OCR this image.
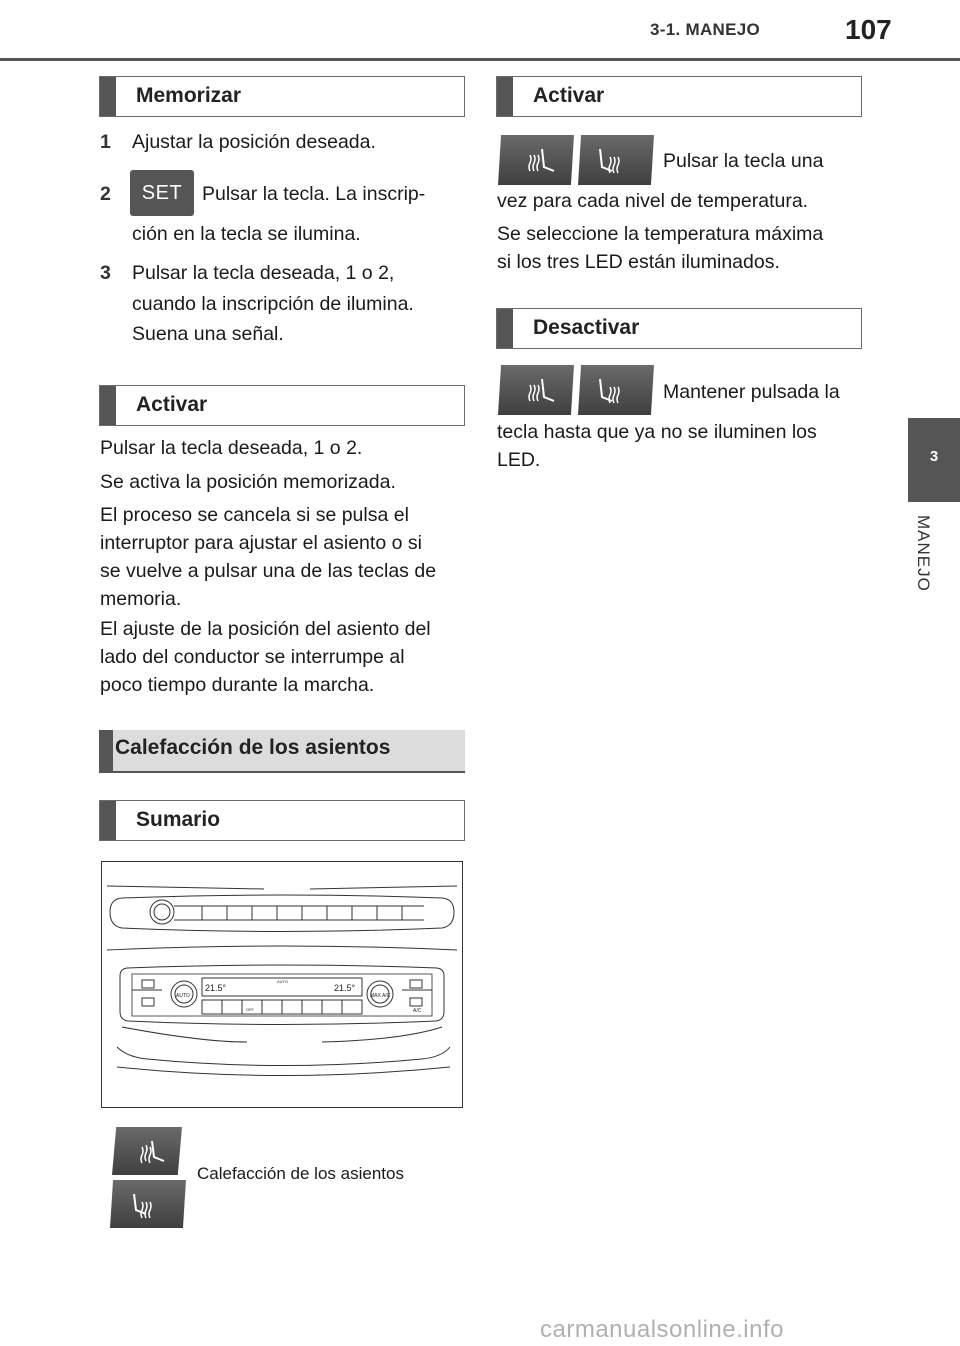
3-1. MANEJO	107
3
MANEJO
Memorizar
1 Ajustar la posición deseada.
2	SET	Pulsar la tecla. La inscrip-
ción en la tecla se ilumina.
3 Pulsar la tecla deseada, 1 o 2,
cuando la inscripción de ilumina.
Suena una señal.
Activar
Pulsar la tecla deseada, 1 o 2.
Se activa la posición memorizada.
El proceso se cancela si se pulsa el
interruptor para ajustar el asiento o si
se vuelve a pulsar una de las teclas de
memoria.
El ajuste de la posición del asiento del
lado del conductor se interrumpe al
poco tiempo durante la marcha.
Calefacción de los asientos
Sumario
21.5°	21.5°
AUTO	MAX A/C
A/C
OFF
AUTO
Calefacción de los asientos
Activar
Pulsar la tecla una
vez para cada nivel de temperatura.
Se seleccione la temperatura máxima
si los tres LED están iluminados.
Desactivar
Mantener pulsada la
tecla hasta que ya no se iluminen los
LED.
carmanualsonline.info
